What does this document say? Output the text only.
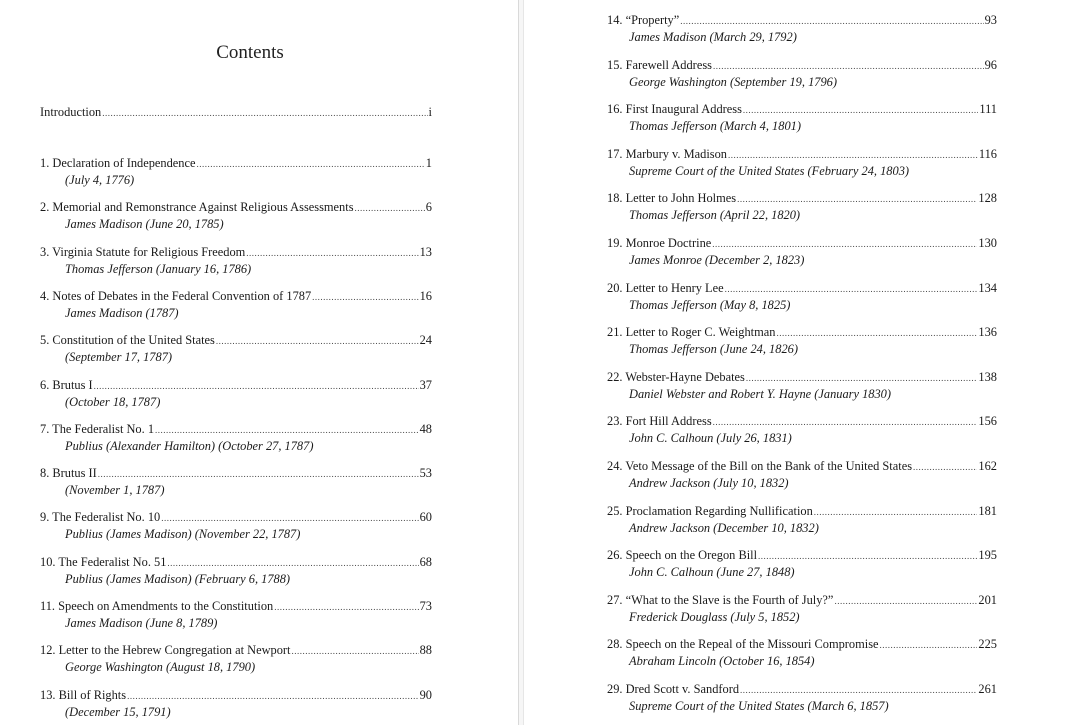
Contents
Introduction .....	i
1. Declaration of Independence .....	1
(July 4, 1776)
2. Memorial and Remonstrance Against Religious Assessments .....	6
James Madison (June 20, 1785)
3. Virginia Statute for Religious Freedom .....	13
Thomas Jefferson (January 16, 1786)
4. Notes of Debates in the Federal Convention of 1787 .....	16
James Madison (1787)
5. Constitution of the United States .....	24
(September 17, 1787)
6. Brutus I .....	37
(October 18, 1787)
7. The Federalist No. 1 .....	48
Publius (Alexander Hamilton) (October 27, 1787)
8. Brutus II .....	53
(November 1, 1787)
9. The Federalist No. 10 .....	60
Publius (James Madison) (November 22, 1787)
10. The Federalist No. 51 .....	68
Publius (James Madison) (February 6, 1788)
11. Speech on Amendments to the Constitution .....	73
James Madison (June 8, 1789)
12. Letter to the Hebrew Congregation at Newport .....	88
George Washington (August 18, 1790)
13. Bill of Rights .....	90
(December 15, 1791)
14. “Property” .....	93
James Madison (March 29, 1792)
15. Farewell Address .....	96
George Washington (September 19, 1796)
16. First Inaugural Address .....	111
Thomas Jefferson (March 4, 1801)
17. Marbury v. Madison .....	116
Supreme Court of the United States (February 24, 1803)
18. Letter to John Holmes .....	128
Thomas Jefferson (April 22, 1820)
19. Monroe Doctrine .....	130
James Monroe (December 2, 1823)
20. Letter to Henry Lee .....	134
Thomas Jefferson (May 8, 1825)
21. Letter to Roger C. Weightman .....	136
Thomas Jefferson (June 24, 1826)
22. Webster-Hayne Debates .....	138
Daniel Webster and Robert Y. Hayne (January 1830)
23. Fort Hill Address .....	156
John C. Calhoun (July 26, 1831)
24. Veto Message of the Bill on the Bank of the United States .....	162
Andrew Jackson (July 10, 1832)
25. Proclamation Regarding Nullification .....	181
Andrew Jackson (December 10, 1832)
26. Speech on the Oregon Bill .....	195
John C. Calhoun (June 27, 1848)
27. “What to the Slave is the Fourth of July?” .....	201
Frederick Douglass (July 5, 1852)
28. Speech on the Repeal of the Missouri Compromise .....	225
Abraham Lincoln (October 16, 1854)
29. Dred Scott v. Sandford .....	261
Supreme Court of the United States (March 6, 1857)
